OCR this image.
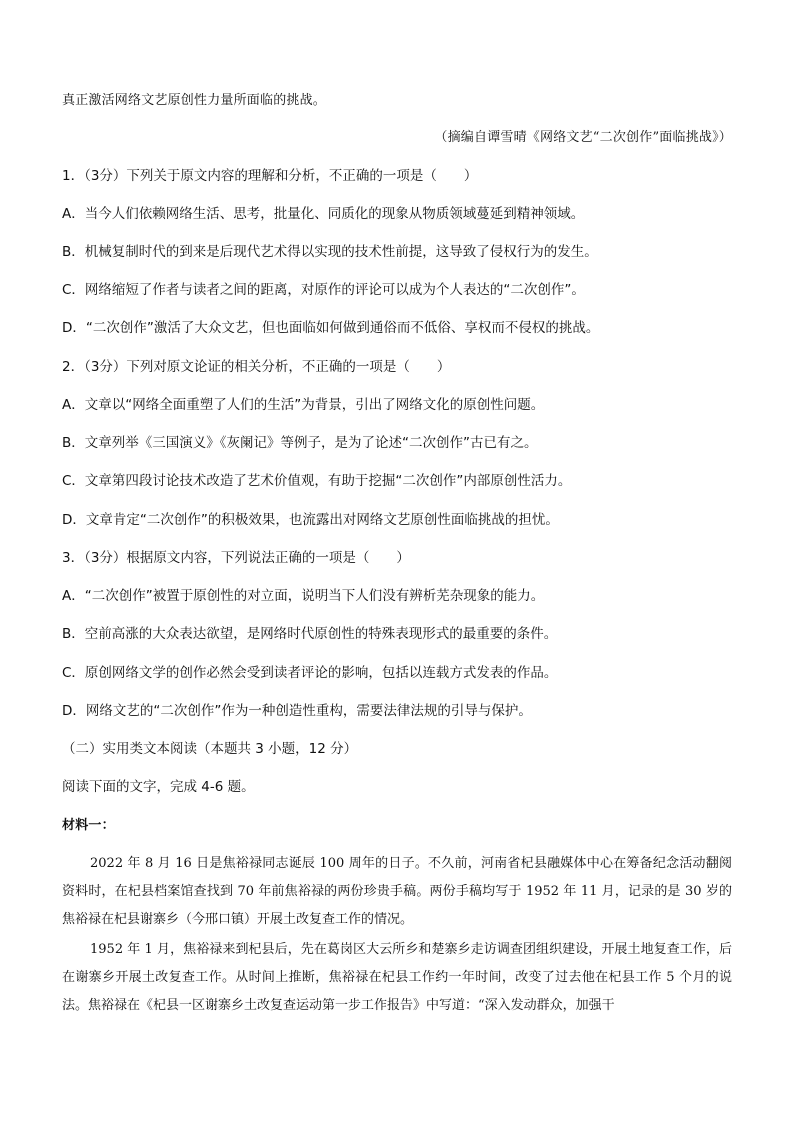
真正激活网络文艺原创性力量所面临的挑战。

（摘编自谭雪晴《网络文艺“二次创作”面临挑战》）

1．（3分）下列关于原文内容的理解和分析，不正确的一项是（　　）

A．当今人们依赖网络生活、思考，批量化、同质化的现象从物质领域蔓延到精神领域。

B．机械复制时代的到来是后现代艺术得以实现的技术性前提，这导致了侵权行为的发生。

C．网络缩短了作者与读者之间的距离，对原作的评论可以成为个人表达的“二次创作”。

D．“二次创作”激活了大众文艺，但也面临如何做到通俗而不低俗、享权而不侵权的挑战。

2．（3分）下列对原文论证的相关分析，不正确的一项是（　　）

A．文章以“网络全面重塑了人们的生活”为背景，引出了网络文化的原创性问题。

B．文章列举《三国演义》《灰阑记》等例子，是为了论述“二次创作”古已有之。

C．文章第四段讨论技术改造了艺术价值观，有助于挖掘“二次创作”内部原创性活力。

D．文章肯定“二次创作”的积极效果，也流露出对网络文艺原创性面临挑战的担忧。

3．（3分）根据原文内容，下列说法正确的一项是（　　）

A．“二次创作”被置于原创性的对立面，说明当下人们没有辨析芜杂现象的能力。

B．空前高涨的大众表达欲望，是网络时代原创性的特殊表现形式的最重要的条件。

C．原创网络文学的创作必然会受到读者评论的影响，包括以连载方式发表的作品。

D．网络文艺的“二次创作”作为一种创造性重构，需要法律法规的引导与保护。

（二）实用类文本阅读（本题共 3 小题，12 分）

阅读下面的文字，完成 4-6 题。

材料一：

2022 年 8 月 16 日是焦裕禄同志诞辰 100 周年的日子。不久前，河南省杞县融媒体中心在筹备纪念活动翻阅资料时，在杞县档案馆查找到 70 年前焦裕禄的两份珍贵手稿。两份手稿均写于 1952 年 11 月，记录的是 30 岁的焦裕禄在杞县谢寨乡（今邢口镇）开展土改复查工作的情况。

1952 年 1 月，焦裕禄来到杞县后，先在葛岗区大云所乡和楚寨乡走访调查团组织建设，开展土地复查工作，后在谢寨乡开展土改复查工作。从时间上推断，焦裕禄在杞县工作约一年时间，改变了过去他在杞县工作 5 个月的说法。焦裕禄在《杞县一区谢寨乡土改复查运动第一步工作报告》中写道：“深入发动群众，加强干
